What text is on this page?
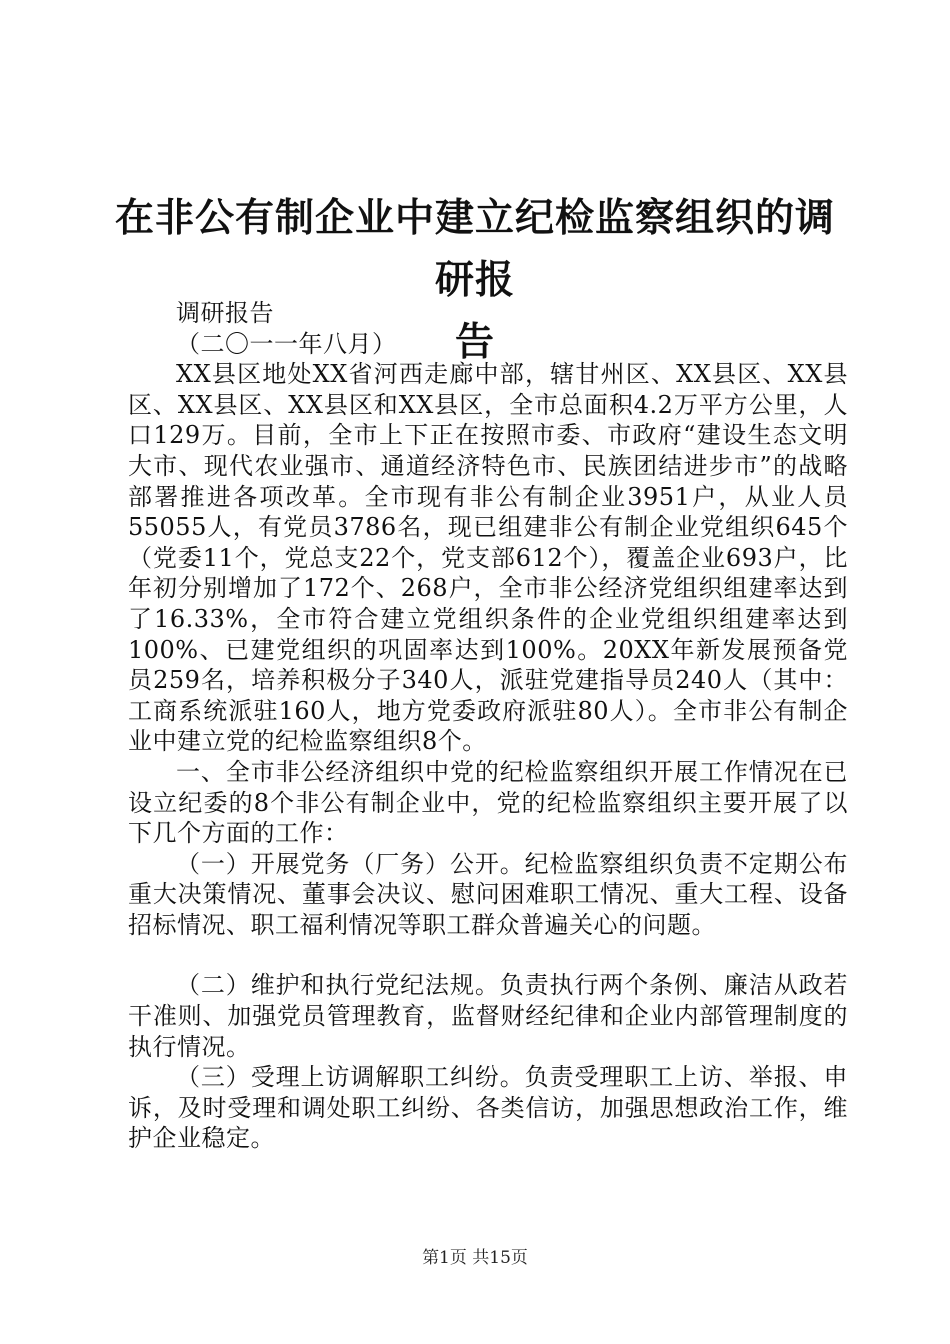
在非公有制企业中建立纪检监察组织的调研报
告

调研报告

（二〇一一年八月）

XX县区地处XX省河西走廊中部，辖甘州区、XX县区、XX县区、XX县区、XX县区和XX县区，全市总面积4.2万平方公里，人口129万。目前，全市上下正在按照市委、市政府“建设生态文明大市、现代农业强市、通道经济特色市、民族团结进步市”的战略部署推进各项改革。全市现有非公有制企业3951户，从业人员55055人，有党员3786名，现已组建非公有制企业党组织645个（党委11个，党总支22个，党支部612个），覆盖企业693户，比年初分别增加了172个、268户，全市非公经济党组织组建率达到了16.33%，全市符合建立党组织条件的企业党组织组建率达到100%、已建党组织的巩固率达到100%。20XX年新发展预备党员259名，培养积极分子340人，派驻党建指导员240人（其中：工商系统派驻160人，地方党委政府派驻80人）。全市非公有制企业中建立党的纪检监察组织8个。

一、全市非公经济组织中党的纪检监察组织开展工作情况在已设立纪委的8个非公有制企业中，党的纪检监察组织主要开展了以下几个方面的工作：

（一）开展党务（厂务）公开。纪检监察组织负责不定期公布重大决策情况、董事会决议、慰问困难职工情况、重大工程、设备招标情况、职工福利情况等职工群众普遍关心的问题。

（二）维护和执行党纪法规。负责执行两个条例、廉洁从政若干准则、加强党员管理教育，监督财经纪律和企业内部管理制度的执行情况。

（三）受理上访调解职工纠纷。负责受理职工上访、举报、申诉，及时受理和调处职工纠纷、各类信访，加强思想政治工作，维护企业稳定。

第1页 共15页
